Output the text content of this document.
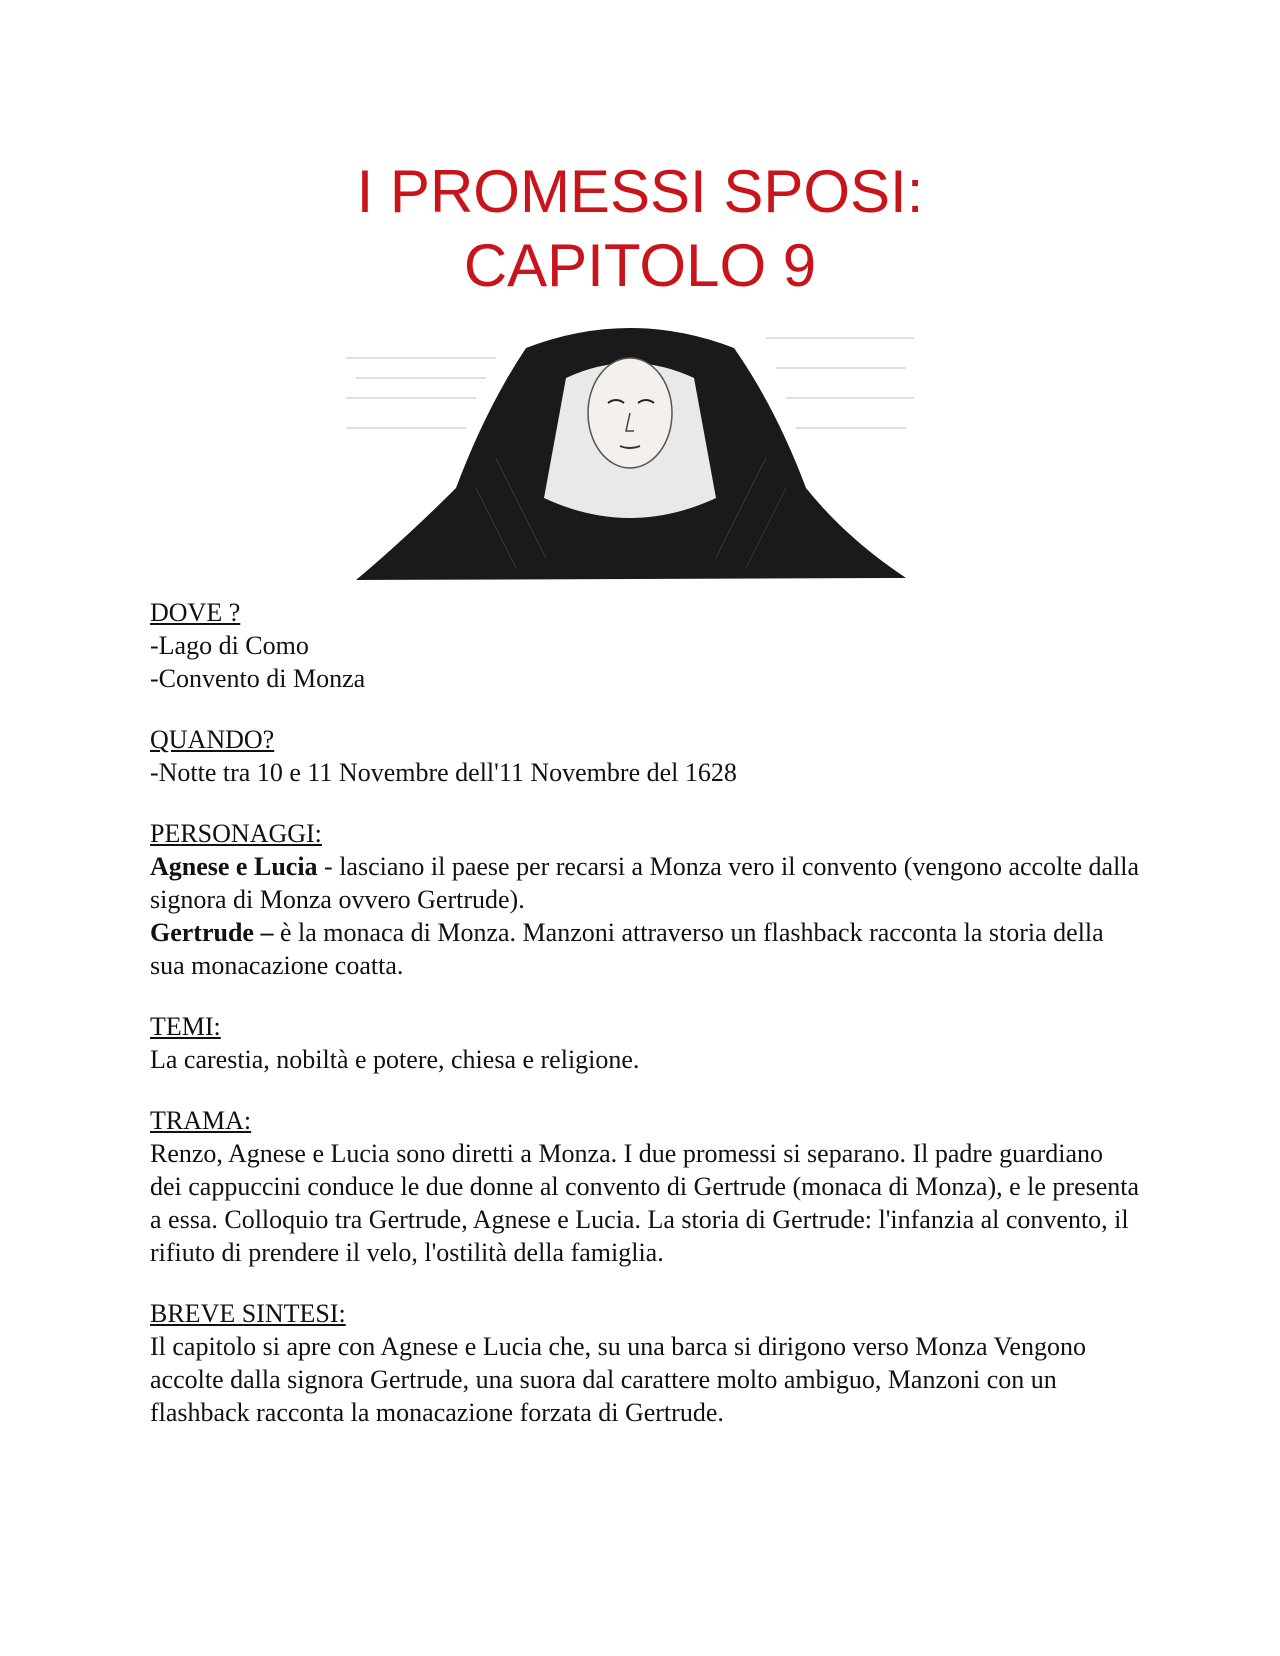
I PROMESSI SPOSI:
CAPITOLO 9
DOVE ?
-Lago di Como
-Convento di Monza
QUANDO?
-Notte tra 10 e 11 Novembre dell'11 Novembre del 1628
PERSONAGGI:
Agnese e Lucia - lasciano il paese per recarsi a Monza vero il convento (vengono accolte dalla signora di Monza ovvero Gertrude).
Gertrude – è la monaca di Monza. Manzoni attraverso un flashback racconta la storia della sua monacazione coatta.
TEMI:
La carestia, nobiltà e potere, chiesa e religione.
TRAMA:
Renzo, Agnese e Lucia sono diretti a Monza. I due promessi si separano. Il padre guardiano dei cappuccini conduce le due donne al convento di Gertrude (monaca di Monza), e le presenta a essa. Colloquio tra Gertrude, Agnese e Lucia. La storia di Gertrude: l'infanzia al convento, il rifiuto di prendere il velo, l'ostilità della famiglia.
BREVE SINTESI:
Il capitolo si apre con Agnese e Lucia che, su una barca si dirigono verso Monza Vengono accolte dalla signora Gertrude, una suora dal carattere molto ambiguo, Manzoni con un flashback racconta la monacazione forzata di Gertrude.
